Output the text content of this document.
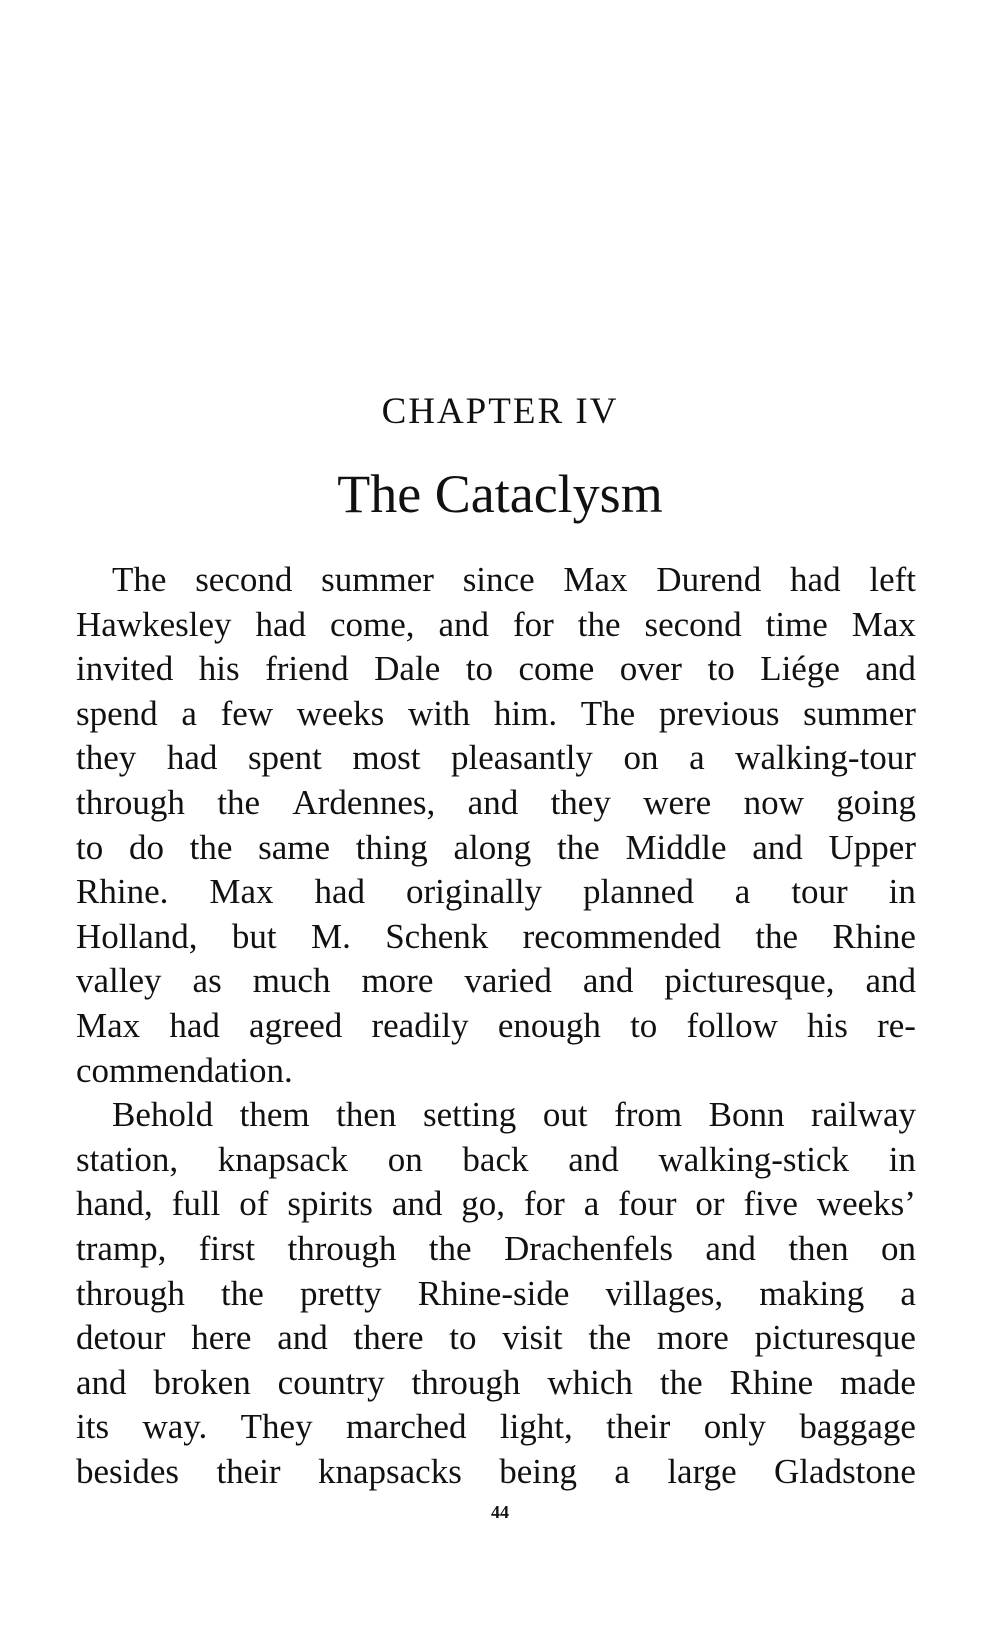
CHAPTER IV
The Cataclysm
The second summer since Max Durend had left
Hawkesley had come, and for the second time Max
invited his friend Dale to come over to Liége and
spend a few weeks with him. The previous summer
they had spent most pleasantly on a walking-tour
through the Ardennes, and they were now going
to do the same thing along the Middle and Upper
Rhine. Max had originally planned a tour in
Holland, but M. Schenk recommended the Rhine
valley as much more varied and picturesque, and
Max had agreed readily enough to follow his re-
commendation.
Behold them then setting out from Bonn railway
station, knapsack on back and walking-stick in
hand, full of spirits and go, for a four or five weeks’
tramp, first through the Drachenfels and then on
through the pretty Rhine-side villages, making a
detour here and there to visit the more picturesque
and broken country through which the Rhine made
its way. They marched light, their only baggage
besides their knapsacks being a large Gladstone
44
